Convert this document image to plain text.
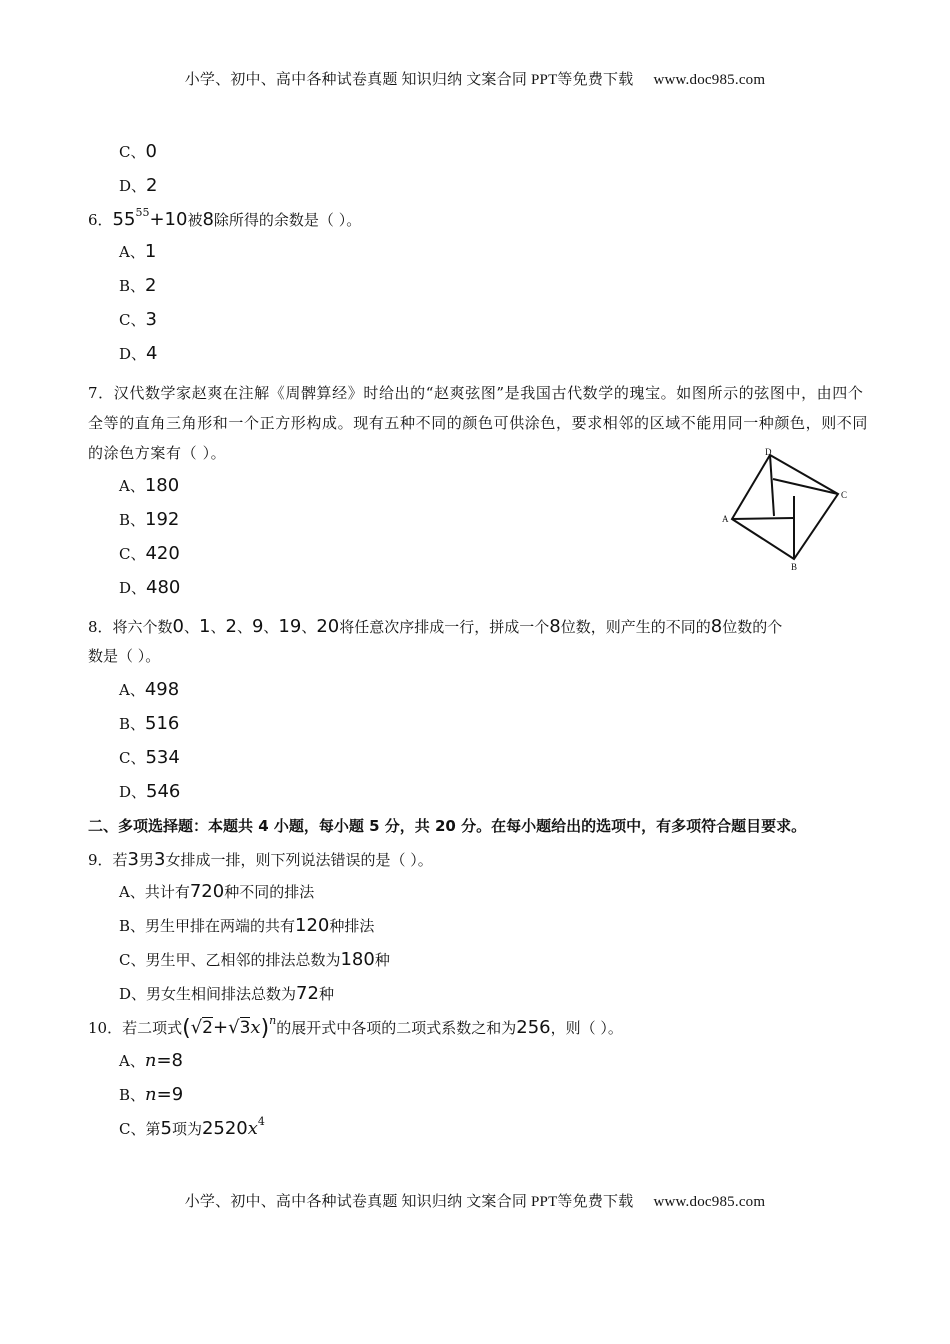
小学、初中、高中各种试卷真题 知识归纳 文案合同 PPT等免费下载 www.doc985.com
C、0
D、2
6．$55^{55}+10$被8除所得的余数是（ ）。
A、1
B、2
C、3
D、4
7．汉代数学家赵爽在注解《周髀算经》时给出的“赵爽弦图”是我国古代数学的瑰宝。如图所示的弦图中，由四个全等的直角三角形和一个正方形构成。现有五种不同的颜色可供涂色，要求相邻的区域不能用同一种颜色，则不同的涂色方案有（ ）。
A、180
B、192
C、420
D、480
8．将六个数0、1、2、9、19、20将任意次序排成一行，拼成一个8位数，则产生的不同的8位数的个
数是（ ）。
A、498
B、516
C、534
D、546
二、多项选择题：本题共 4 小题，每小题 5 分，共 20 分。在每小题给出的选项中，有多项符合题目要求。
9．若3男3女排成一排，则下列说法错误的是（ ）。
A、共计有720种不同的排法
B、男生甲排在两端的共有120种排法
C、男生甲、乙相邻的排法总数为180种
D、男女生相间排法总数为72种
10．若二项式$(√2+√3x)^n$的展开式中各项的二项式系数之和为256，则（ ）。
A、n=8
B、n=9
C、第5项为$2520x^4$
D
C
A
B
小学、初中、高中各种试卷真题 知识归纳 文案合同 PPT等免费下载 www.doc985.com
